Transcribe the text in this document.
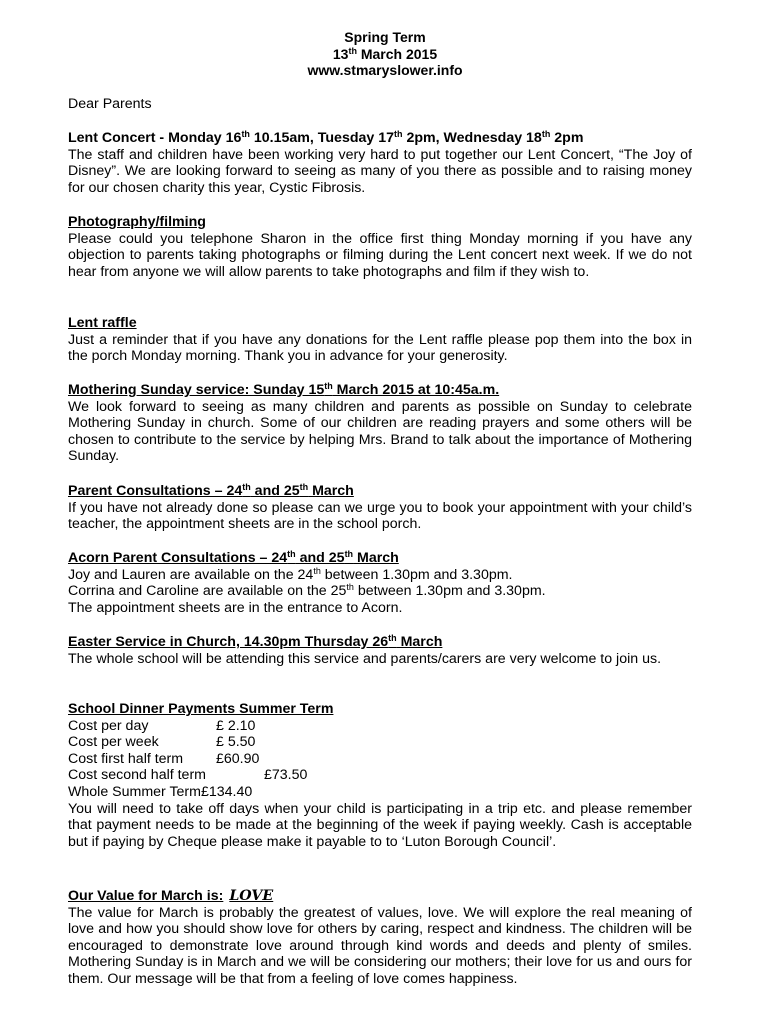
Spring Term
13th March 2015
www.stmaryslower.info
Dear Parents
Lent Concert - Monday 16th 10.15am, Tuesday 17th 2pm, Wednesday 18th 2pm
The staff and children have been working very hard to put together our Lent Concert, “The Joy of Disney”. We are looking forward to seeing as many of you there as possible and to raising money for our chosen charity this year, Cystic Fibrosis.
Photography/filming
Please could you telephone Sharon in the office first thing Monday morning if you have any objection to parents taking photographs or filming during the Lent concert next week. If we do not hear from anyone we will allow parents to take photographs and film if they wish to.
Lent raffle
Just a reminder that if you have any donations for the Lent raffle please pop them into the box in the porch Monday morning. Thank you in advance for your generosity.
Mothering Sunday service: Sunday 15th March 2015 at 10:45a.m.
We look forward to seeing as many children and parents as possible on Sunday to celebrate Mothering Sunday in church. Some of our children are reading prayers and some others will be chosen to contribute to the service by helping Mrs. Brand to talk about the importance of Mothering Sunday.
Parent Consultations – 24th and 25th March
If you have not already done so please can we urge you to book your appointment with your child’s teacher, the appointment sheets are in the school porch.
Acorn Parent Consultations – 24th and 25th March
Joy and Lauren are available on the 24th between 1.30pm and 3.30pm.
Corrina and Caroline are available on the 25th between 1.30pm and 3.30pm.
The appointment sheets are in the entrance to Acorn.
Easter Service in Church, 14.30pm Thursday 26th March
The whole school will be attending this service and parents/carers are very welcome to join us.
School Dinner Payments Summer Term
Cost per day	£ 2.10
Cost per week	£ 5.50
Cost first half term	£60.90
Cost second half term	£73.50
Whole Summer Term £134.40
You will need to take off days when your child is participating in a trip etc. and please remember that payment needs to be made at the beginning of the week if paying weekly. Cash is acceptable but if paying by Cheque please make it payable to to ‘Luton Borough Council’.
Our Value for March is: LOVE
The value for March is probably the greatest of values, love. We will explore the real meaning of love and how you should show love for others by caring, respect and kindness. The children will be encouraged to demonstrate love around through kind words and deeds and plenty of smiles. Mothering Sunday is in March and we will be considering our mothers; their love for us and ours for them. Our message will be that from a feeling of love comes happiness.
